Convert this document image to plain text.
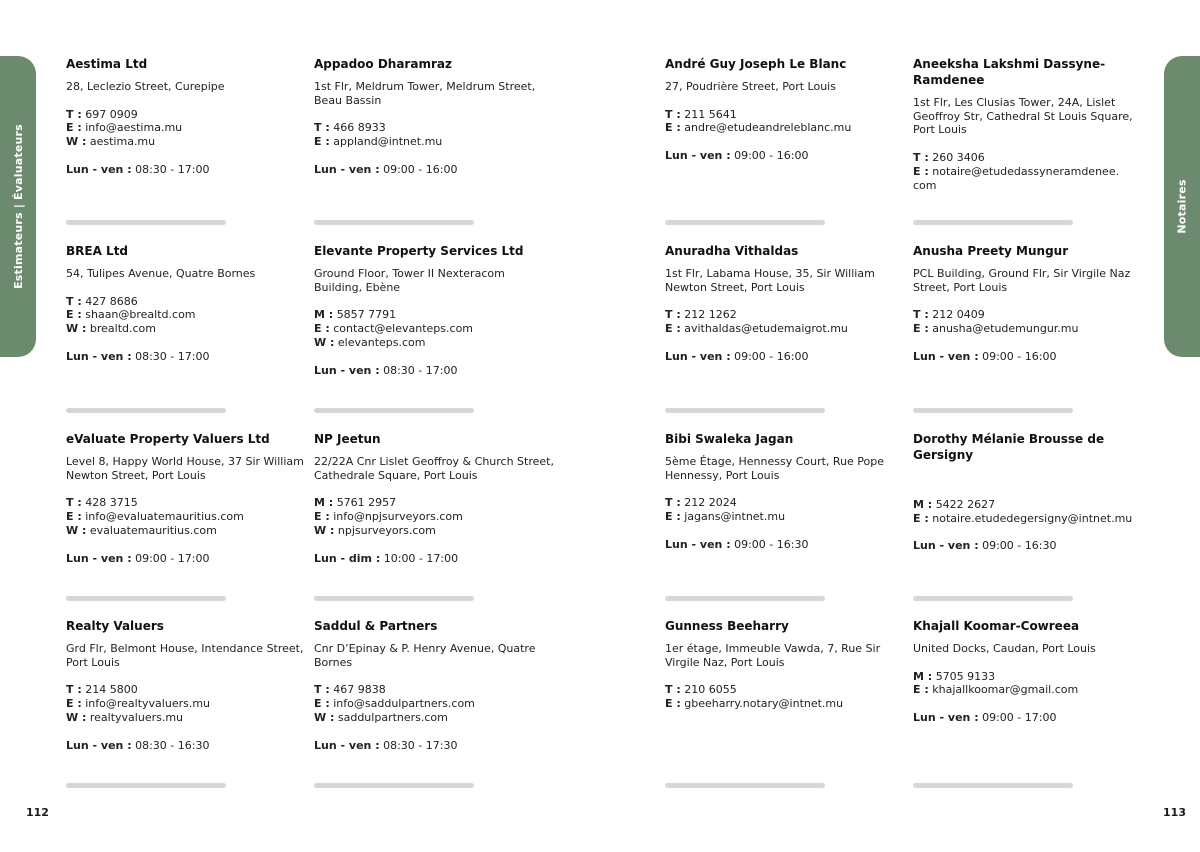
Estimateurs | Évaluateurs	Notaires
112	113
Aestima Ltd
28, Leclezio Street, Curepipe
T : 697 0909
E : info@aestima.mu
W : aestima.mu
Lun - ven : 08:30 - 17:00
Appadoo Dharamraz
1st Flr, Meldrum Tower, Meldrum Street, Beau Bassin
T : 466 8933
E : appland@intnet.mu
Lun - ven : 09:00 - 16:00
André Guy Joseph Le Blanc
27, Poudrière Street, Port Louis
T : 211 5641
E : andre@etudeandreleblanc.mu
Lun - ven : 09:00 - 16:00
Aneeksha Lakshmi Dassyne-Ramdenee
1st Flr, Les Clusias Tower, 24A, Lislet Geoffroy Str, Cathedral St Louis Square, Port Louis
T : 260 3406
E : notaire@etudedassyneramdenee. com
BREA Ltd
54, Tulipes Avenue, Quatre Bornes
T : 427 8686
E : shaan@brealtd.com
W : brealtd.com
Lun - ven : 08:30 - 17:00
Elevante Property Services Ltd
Ground Floor, Tower II Nexteracom Building, Ebène
M : 5857 7791
E : contact@elevanteps.com
W : elevanteps.com
Lun - ven : 08:30 - 17:00
Anuradha Vithaldas
1st Flr, Labama House, 35, Sir William Newton Street, Port Louis
T : 212 1262
E : avithaldas@etudemaigrot.mu
Lun - ven : 09:00 - 16:00
Anusha Preety Mungur
PCL Building, Ground Flr, Sir Virgile Naz Street, Port Louis
T : 212 0409
E : anusha@etudemungur.mu
Lun - ven : 09:00 - 16:00
eValuate Property Valuers Ltd
Level 8, Happy World House, 37 Sir William Newton Street, Port Louis
T : 428 3715
E : info@evaluatemauritius.com
W : evaluatemauritius.com
Lun - ven : 09:00 - 17:00
NP Jeetun
22/22A Cnr Lislet Geoffroy & Church Street, Cathedrale Square, Port Louis
M : 5761 2957
E : info@npjsurveyors.com
W : npjsurveyors.com
Lun - dim : 10:00 - 17:00
Bibi Swaleka Jagan
5ème Étage, Hennessy Court, Rue Pope Hennessy, Port Louis
T : 212 2024
E : jagans@intnet.mu
Lun - ven : 09:00 - 16:30
Dorothy Mélanie Brousse de Gersigny
M : 5422 2627
E : notaire.etudedegersigny@intnet.mu
Lun - ven : 09:00 - 16:30
Realty Valuers
Grd Flr, Belmont House, Intendance Street, Port Louis
T : 214 5800
E : info@realtyvaluers.mu
W : realtyvaluers.mu
Lun - ven : 08:30 - 16:30
Saddul & Partners
Cnr D’Epinay & P. Henry Avenue, Quatre Bornes
T : 467 9838
E : info@saddulpartners.com
W : saddulpartners.com
Lun - ven : 08:30 - 17:30
Gunness Beeharry
1er étage, Immeuble Vawda, 7, Rue Sir Virgile Naz, Port Louis
T : 210 6055
E : gbeeharry.notary@intnet.mu
Khajall Koomar-Cowreea
United Docks, Caudan, Port Louis
M : 5705 9133
E : khajallkoomar@gmail.com
Lun - ven : 09:00 - 17:00
